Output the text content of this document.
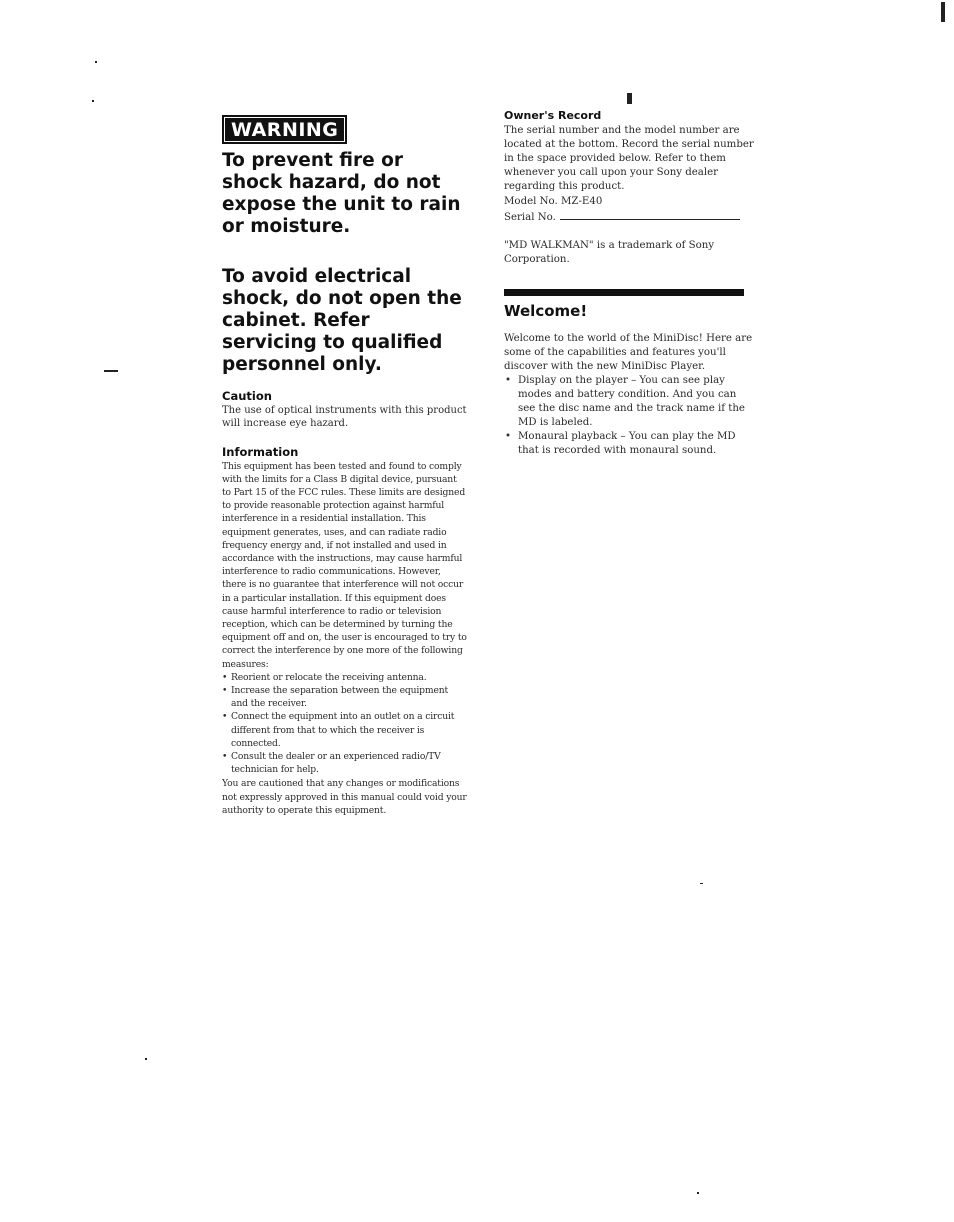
WARNING

To prevent fire or shock hazard, do not expose the unit to rain or moisture.

To avoid electrical shock, do not open the cabinet. Refer servicing to qualified personnel only.

Caution

The use of optical instruments with this product will increase eye hazard.

Information

This equipment has been tested and found to comply with the limits for a Class B digital device, pursuant to Part 15 of the FCC rules. These limits are designed to provide reasonable protection against harmful interference in a residential installation. This equipment generates, uses, and can radiate radio frequency energy and, if not installed and used in accordance with the instructions, may cause harmful interference to radio communications. However, there is no guarantee that interference will not occur in a particular installation. If this equipment does cause harmful interference to radio or television reception, which can be determined by turning the equipment off and on, the user is encouraged to try to correct the interference by one more of the following measures:

• Reorient or relocate the receiving antenna.
• Increase the separation between the equipment and the receiver.
• Connect the equipment into an outlet on a circuit different from that to which the receiver is connected.
• Consult the dealer or an experienced radio/TV technician for help.

You are cautioned that any changes or modifications not expressly approved in this manual could void your authority to operate this equipment.

Owner's Record

The serial number and the model number are located at the bottom. Record the serial number in the space provided below. Refer to them whenever you call upon your Sony dealer regarding this product.

Model No. MZ-E40

Serial No.

"MD WALKMAN" is a trademark of Sony Corporation.

Welcome!

Welcome to the world of the MiniDisc! Here are some of the capabilities and features you'll discover with the new MiniDisc Player.

• Display on the player – You can see play modes and battery condition. And you can see the disc name and the track name if the MD is labeled.
• Monaural playback – You can play the MD that is recorded with monaural sound.
